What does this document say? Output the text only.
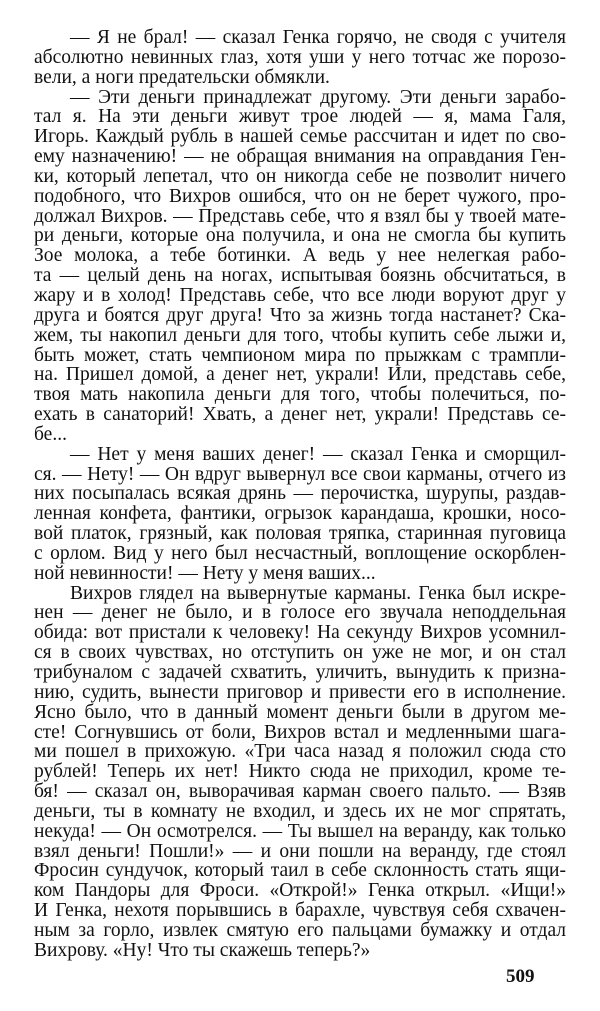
— Я не брал! — сказал Генка горячо, не сводя с учителя
абсолютно невинных глаз, хотя уши у него тотчас же порозо-
вели, а ноги предательски обмякли.
— Эти деньги принадлежат другому. Эти деньги зарабо-
тал я. На эти деньги живут трое людей — я, мама Галя,
Игорь. Каждый рубль в нашей семье рассчитан и идет по сво-
ему назначению! — не обращая внимания на оправдания Ген-
ки, который лепетал, что он никогда себе не позволит ничего
подобного, что Вихров ошибся, что он не берет чужого, про-
должал Вихров. — Представь себе, что я взял бы у твоей мате-
ри деньги, которые она получила, и она не смогла бы купить
Зое молока, а тебе ботинки. А ведь у нее нелегкая рабо-
та — целый день на ногах, испытывая боязнь обсчитаться, в
жару и в холод! Представь себе, что все люди воруют друг у
друга и боятся друг друга! Что за жизнь тогда настанет? Ска-
жем, ты накопил деньги для того, чтобы купить себе лыжи и,
быть может, стать чемпионом мира по прыжкам с трампли-
на. Пришел домой, а денег нет, украли! Или, представь себе,
твоя мать накопила деньги для того, чтобы полечиться, по-
ехать в санаторий! Хвать, а денег нет, украли! Представь се-
бе...
— Нет у меня ваших денег! — сказал Генка и сморщил-
ся. — Нету! — Он вдруг вывернул все свои карманы, отчего из
них посыпалась всякая дрянь — перочистка, шурупы, раздав-
ленная конфета, фантики, огрызок карандаша, крошки, носо-
вой платок, грязный, как половая тряпка, старинная пуговица
с орлом. Вид у него был несчастный, воплощение оскорблен-
ной невинности! — Нету у меня ваших...
Вихров глядел на вывернутые карманы. Генка был искре-
нен — денег не было, и в голосе его звучала неподдельная
обида: вот пристали к человеку! На секунду Вихров усомнил-
ся в своих чувствах, но отступить он уже не мог, и он стал
трибуналом с задачей схватить, уличить, вынудить к призна-
нию, судить, вынести приговор и привести его в исполнение.
Ясно было, что в данный момент деньги были в другом ме-
сте! Согнувшись от боли, Вихров встал и медленными шага-
ми пошел в прихожую. «Три часа назад я положил сюда сто
рублей! Теперь их нет! Никто сюда не приходил, кроме те-
бя! — сказал он, выворачивая карман своего пальто. — Взяв
деньги, ты в комнату не входил, и здесь их не мог спрятать,
некуда! — Он осмотрелся. — Ты вышел на веранду, как только
взял деньги! Пошли!» — и они пошли на веранду, где стоял
Фросин сундучок, который таил в себе склонность стать ящи-
ком Пандоры для Фроси. «Открой!» Генка открыл. «Ищи!»
И Генка, нехотя порывшись в барахле, чувствуя себя схвачен-
ным за горло, извлек смятую его пальцами бумажку и отдал
Вихрову. «Ну! Что ты скажешь теперь?»
509
